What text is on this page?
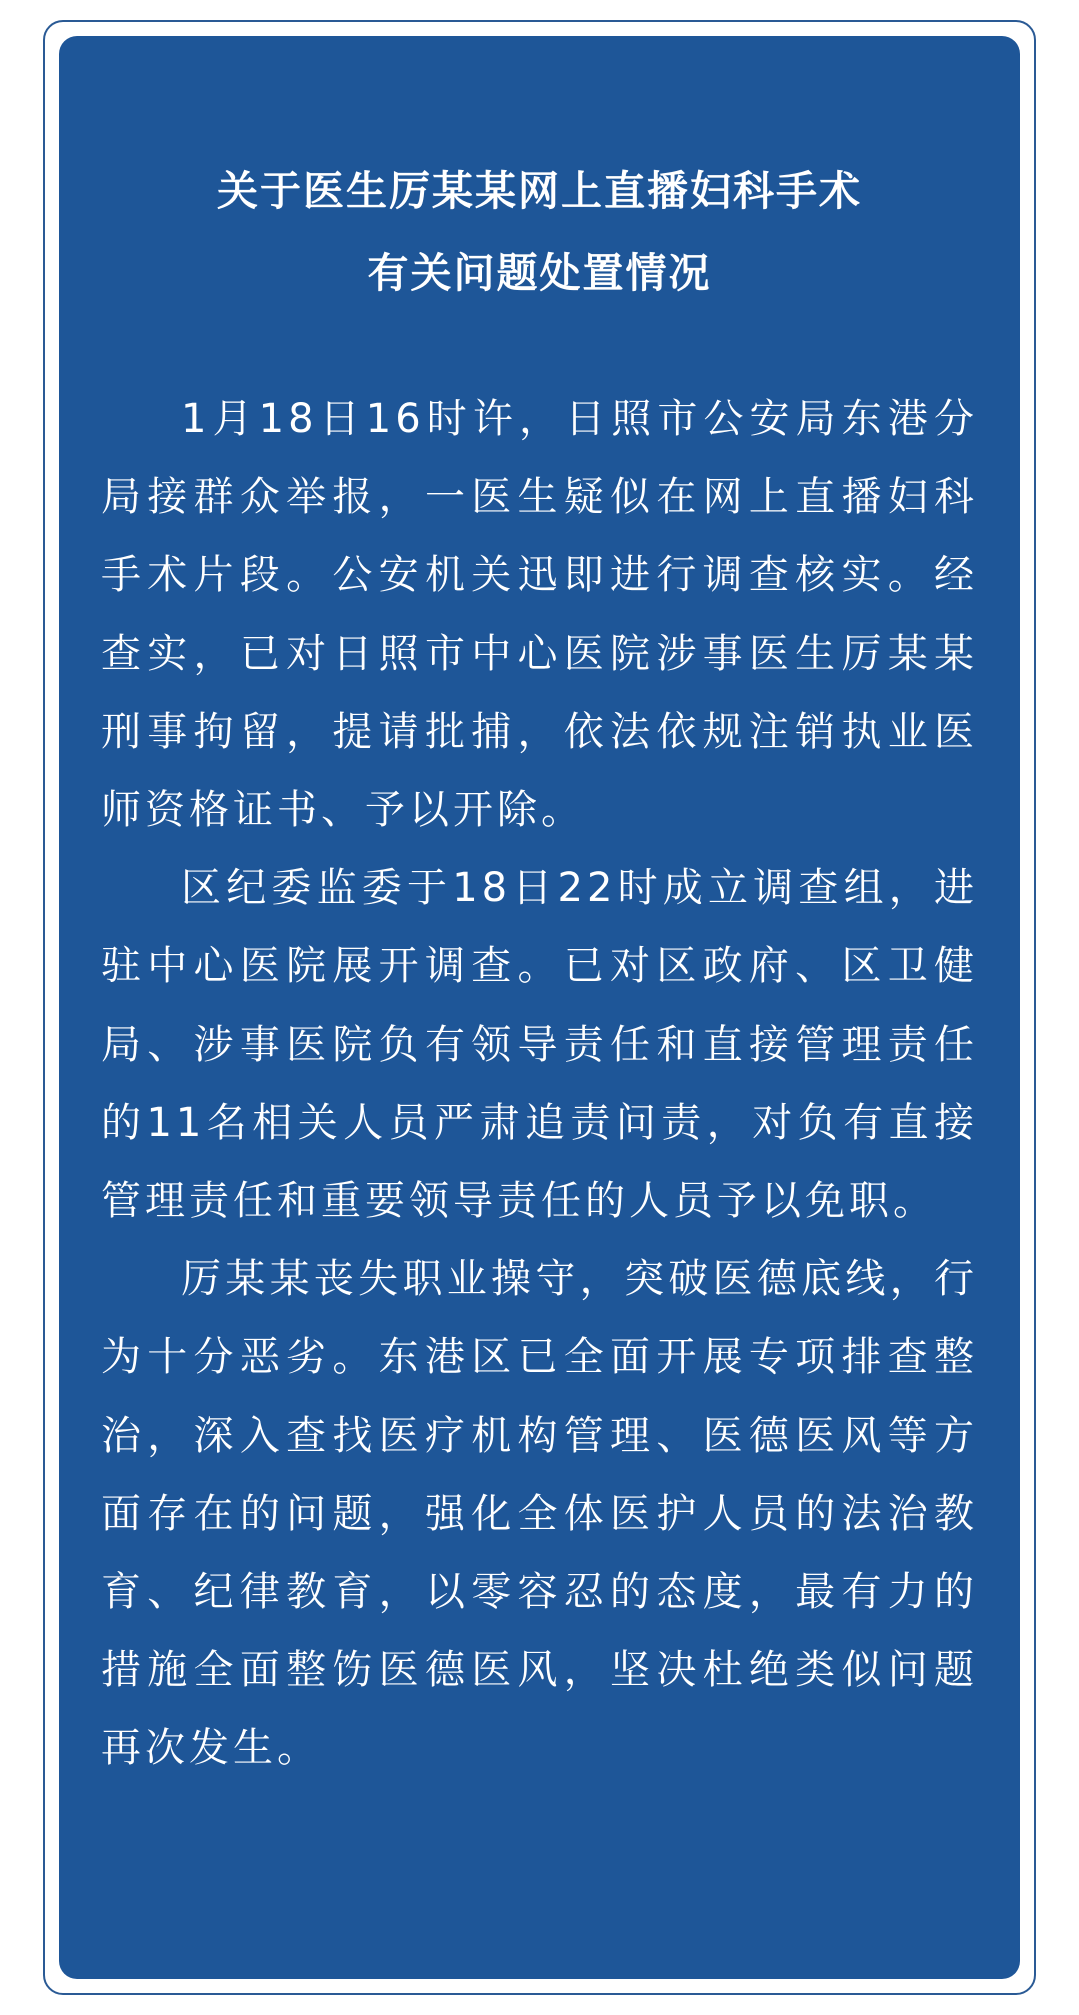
关于医生厉某某网上直播妇科手术
有关问题处置情况

1月18日16时许，日照市公安局东港分局接群众举报，一医生疑似在网上直播妇科手术片段。公安机关迅即进行调查核实。经查实，已对日照市中心医院涉事医生厉某某刑事拘留，提请批捕，依法依规注销执业医师资格证书、予以开除。

区纪委监委于18日22时成立调查组，进驻中心医院展开调查。已对区政府、区卫健局、涉事医院负有领导责任和直接管理责任的11名相关人员严肃追责问责，对负有直接管理责任和重要领导责任的人员予以免职。

厉某某丧失职业操守，突破医德底线，行为十分恶劣。东港区已全面开展专项排查整治，深入查找医疗机构管理、医德医风等方面存在的问题，强化全体医护人员的法治教育、纪律教育，以零容忍的态度，最有力的措施全面整饬医德医风，坚决杜绝类似问题再次发生。
